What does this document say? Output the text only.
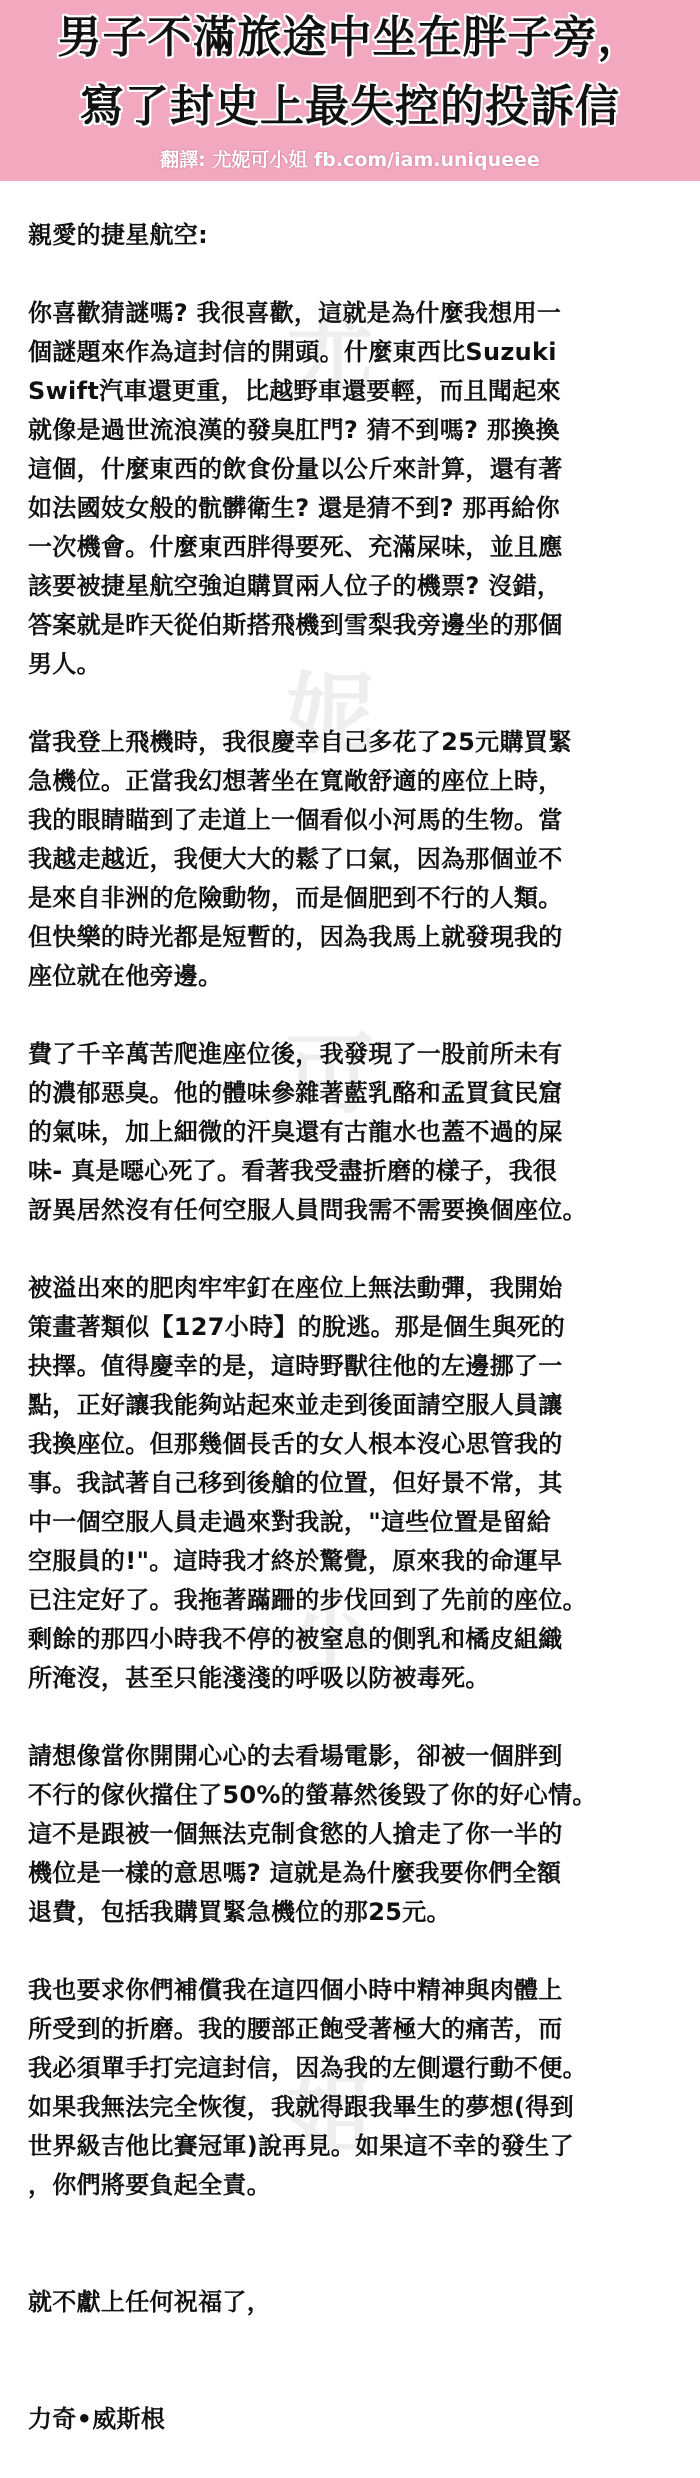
男子不滿旅途中坐在胖子旁，
寫了封史上最失控的投訴信
翻譯: 尤妮可小姐 fb.com/iam.uniqueee
尤
妮
可
小
姐

親愛的捷星航空:

你喜歡猜謎嗎? 我很喜歡，這就是為什麼我想用一
個謎題來作為這封信的開頭。什麼東西比Suzuki
Swift汽車還更重，比越野車還要輕，而且聞起來
就像是過世流浪漢的發臭肛門? 猜不到嗎? 那換換
這個，什麼東西的飲食份量以公斤來計算，還有著
如法國妓女般的骯髒衛生? 還是猜不到? 那再給你
一次機會。什麼東西胖得要死、充滿屎味，並且應
該要被捷星航空強迫購買兩人位子的機票? 沒錯，
答案就是昨天從伯斯搭飛機到雪梨我旁邊坐的那個
男人。

當我登上飛機時，我很慶幸自己多花了25元購買緊
急機位。正當我幻想著坐在寬敞舒適的座位上時，
我的眼睛瞄到了走道上一個看似小河馬的生物。當
我越走越近，我便大大的鬆了口氣，因為那個並不
是來自非洲的危險動物，而是個肥到不行的人類。
但快樂的時光都是短暫的，因為我馬上就發現我的
座位就在他旁邊。

費了千辛萬苦爬進座位後，我發現了一股前所未有
的濃郁惡臭。他的體味參雜著藍乳酪和孟買貧民窟
的氣味，加上細微的汗臭還有古龍水也蓋不過的屎
味- 真是噁心死了。看著我受盡折磨的樣子，我很
訝異居然沒有任何空服人員問我需不需要換個座位。

被溢出來的肥肉牢牢釘在座位上無法動彈，我開始
策畫著類似【127小時】的脫逃。那是個生與死的
抉擇。值得慶幸的是，這時野獸往他的左邊挪了一
點，正好讓我能夠站起來並走到後面請空服人員讓
我換座位。但那幾個長舌的女人根本沒心思管我的
事。我試著自己移到後艙的位置，但好景不常，其
中一個空服人員走過來對我說，"這些位置是留給
空服員的!"。這時我才終於驚覺，原來我的命運早
已注定好了。我拖著蹣跚的步伐回到了先前的座位。
剩餘的那四小時我不停的被窒息的側乳和橘皮組織
所淹沒，甚至只能淺淺的呼吸以防被毒死。

請想像當你開開心心的去看場電影，卻被一個胖到
不行的傢伙擋住了50%的螢幕然後毀了你的好心情。
這不是跟被一個無法克制食慾的人搶走了你一半的
機位是一樣的意思嗎? 這就是為什麼我要你們全額
退費，包括我購買緊急機位的那25元。

我也要求你們補償我在這四個小時中精神與肉體上
所受到的折磨。我的腰部正飽受著極大的痛苦，而
我必須單手打完這封信，因為我的左側還行動不便。
如果我無法完全恢復，我就得跟我畢生的夢想(得到
世界級吉他比賽冠軍)說再見。如果這不幸的發生了
，你們將要負起全責。

就不獻上任何祝福了，

力奇•威斯根
